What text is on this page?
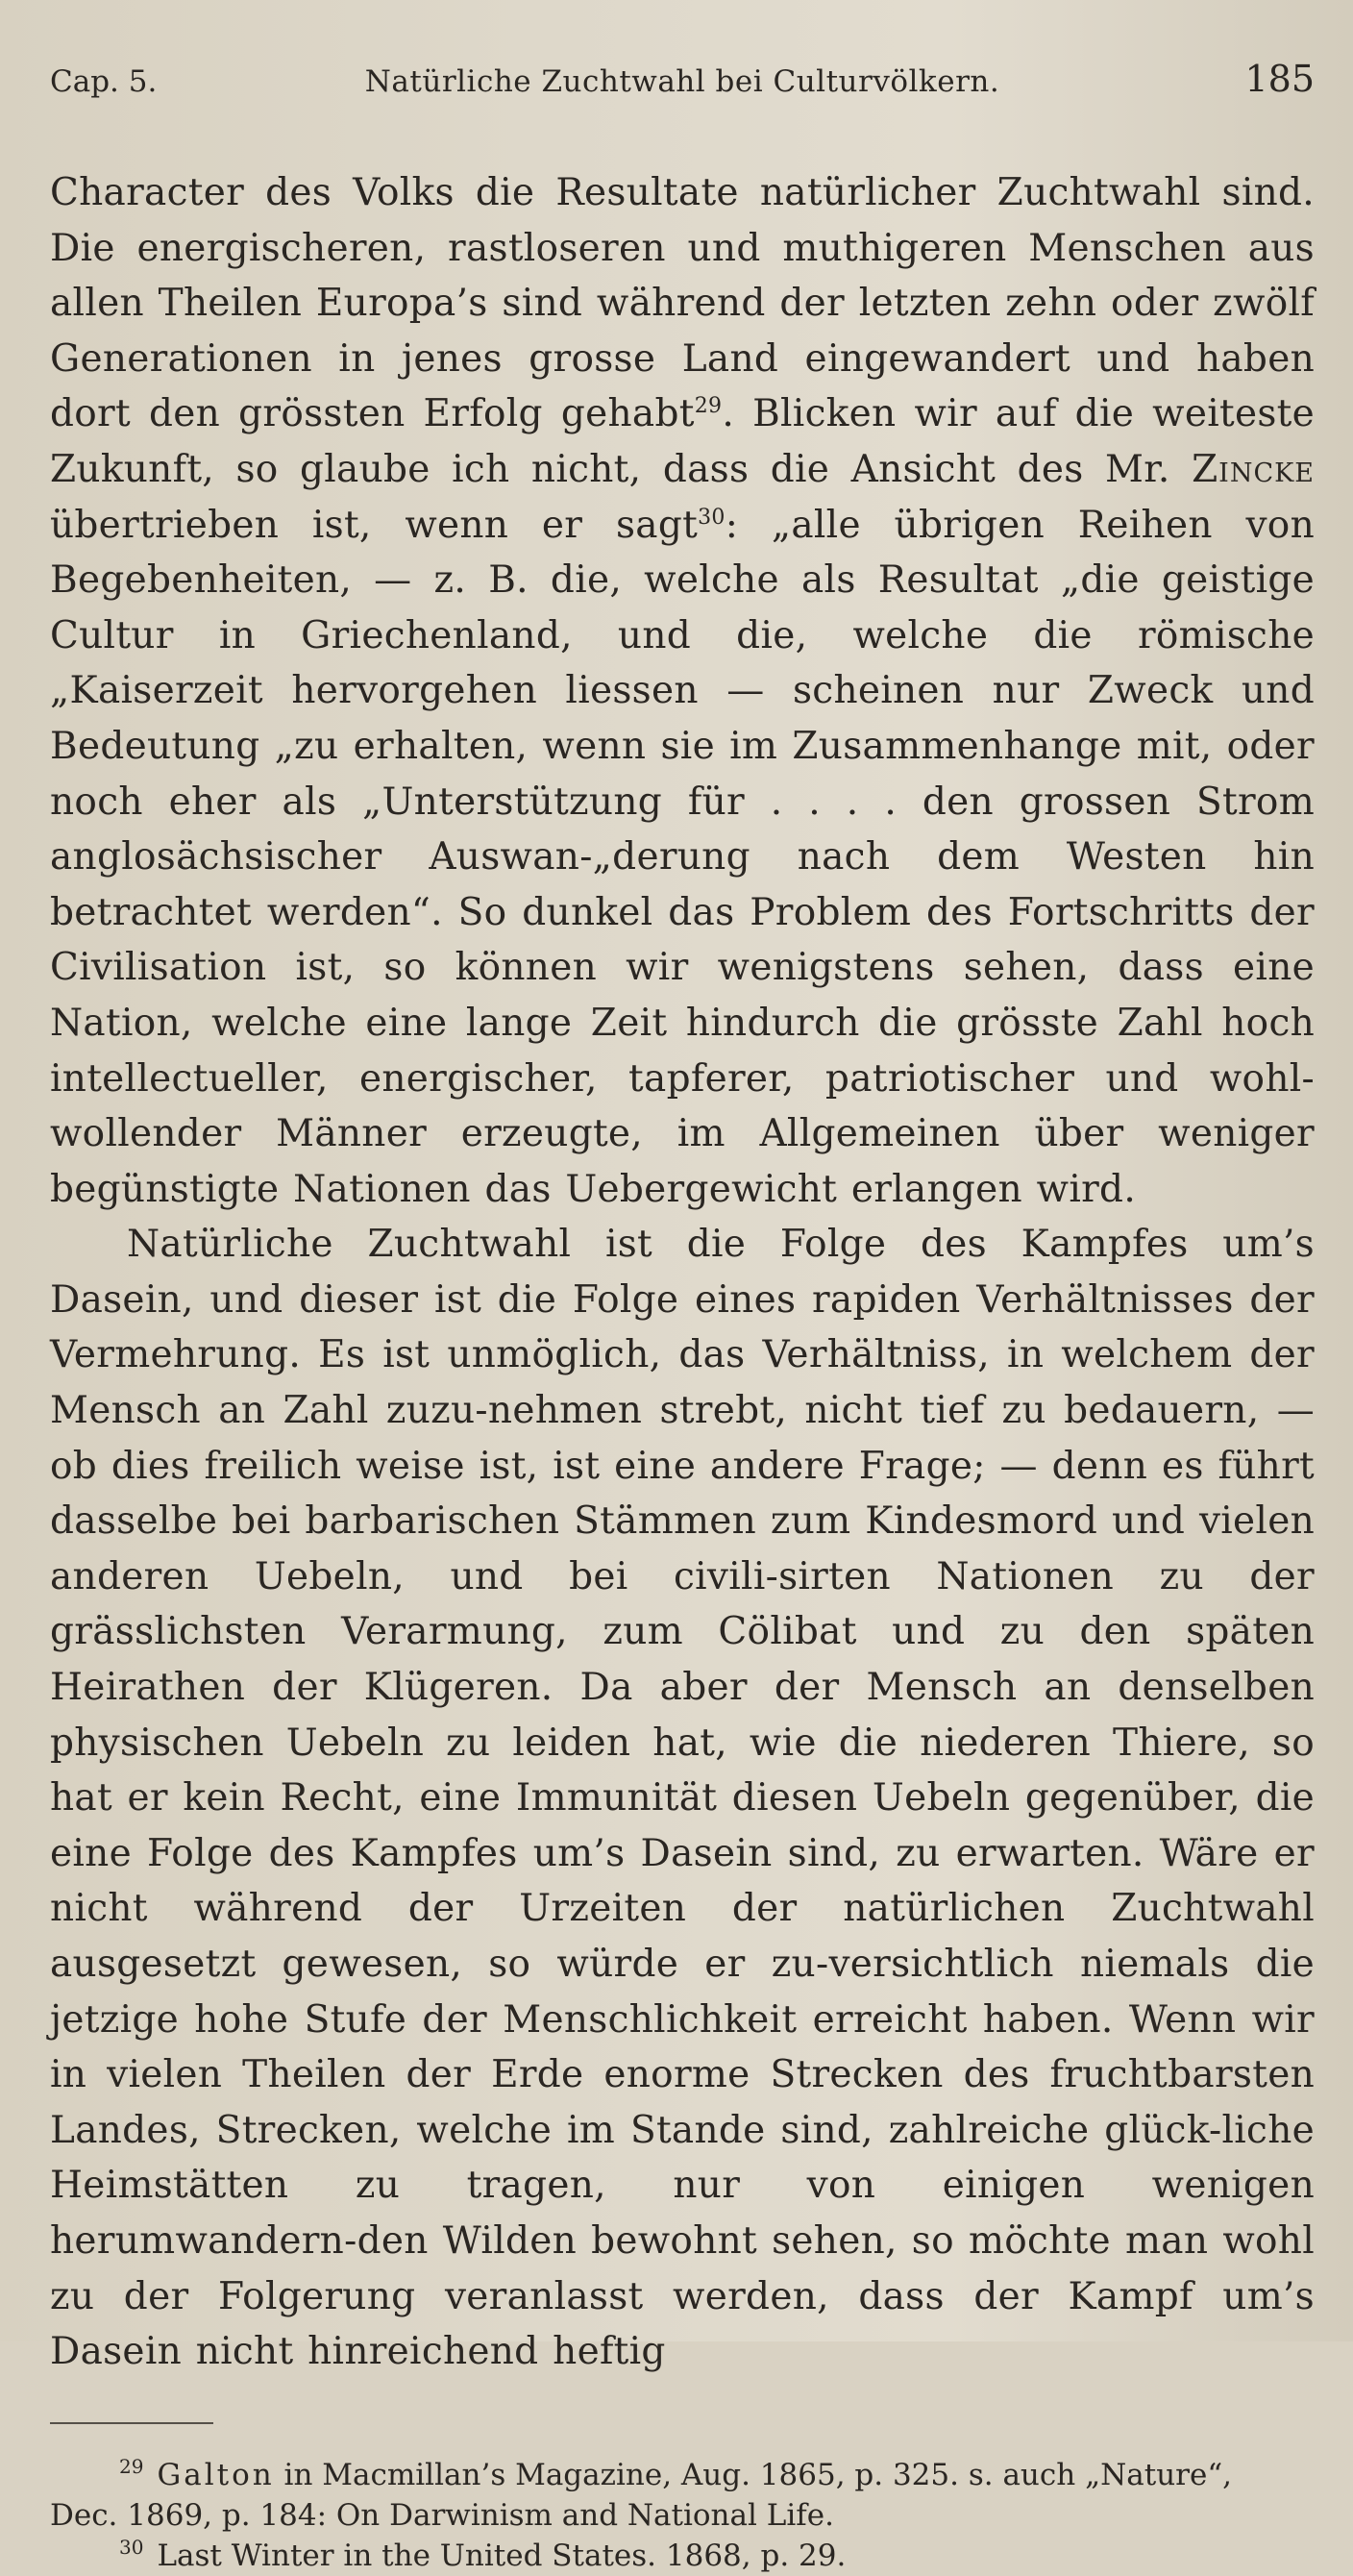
Cap. 5.	Natürliche Zuchtwahl bei Culturvölkern.	185

Character des Volks die Resultate natürlicher Zuchtwahl sind. Die energischeren, rastloseren und muthigeren Menschen aus allen Theilen Europa’s sind während der letzten zehn oder zwölf Generationen in jenes grosse Land eingewandert und haben dort den grössten Erfolg gehabt$^{29}$. Blicken wir auf die weiteste Zukunft, so glaube ich nicht, dass die Ansicht des Mr. Zincke übertrieben ist, wenn er sagt$^{30}$: „alle übrigen Reihen von Begebenheiten, — z. B. die, welche als Resultat „die geistige Cultur in Griechenland, und die, welche die römische „Kaiserzeit hervorgehen liessen — scheinen nur Zweck und Bedeutung „zu erhalten, wenn sie im Zusammenhange mit, oder noch eher als „Unterstützung für . . . . den grossen Strom anglosächsischer Auswan-„derung nach dem Westen hin betrachtet werden“. So dunkel das Problem des Fortschritts der Civilisation ist, so können wir wenigstens sehen, dass eine Nation, welche eine lange Zeit hindurch die grösste Zahl hoch intellectueller, energischer, tapferer, patriotischer und wohl-wollender Männer erzeugte, im Allgemeinen über weniger begünstigte Nationen das Uebergewicht erlangen wird.

Natürliche Zuchtwahl ist die Folge des Kampfes um’s Dasein, und dieser ist die Folge eines rapiden Verhältnisses der Vermehrung. Es ist unmöglich, das Verhältniss, in welchem der Mensch an Zahl zuzu-nehmen strebt, nicht tief zu bedauern, — ob dies freilich weise ist, ist eine andere Frage; — denn es führt dasselbe bei barbarischen Stämmen zum Kindesmord und vielen anderen Uebeln, und bei civili-sirten Nationen zu der grässlichsten Verarmung, zum Cölibat und zu den späten Heirathen der Klügeren. Da aber der Mensch an denselben physischen Uebeln zu leiden hat, wie die niederen Thiere, so hat er kein Recht, eine Immunität diesen Uebeln gegenüber, die eine Folge des Kampfes um’s Dasein sind, zu erwarten. Wäre er nicht während der Urzeiten der natürlichen Zuchtwahl ausgesetzt gewesen, so würde er zu-versichtlich niemals die jetzige hohe Stufe der Menschlichkeit erreicht haben. Wenn wir in vielen Theilen der Erde enorme Strecken des fruchtbarsten Landes, Strecken, welche im Stande sind, zahlreiche glück-liche Heimstätten zu tragen, nur von einigen wenigen herumwandern-den Wilden bewohnt sehen, so möchte man wohl zu der Folgerung veranlasst werden, dass der Kampf um’s Dasein nicht hinreichend heftig

$^{29}$ Galton in Macmillan’s Magazine, Aug. 1865, p. 325. s. auch „Nature“,

Dec. 1869, p. 184: On Darwinism and National Life.

$^{30}$ Last Winter in the United States. 1868, p. 29.
